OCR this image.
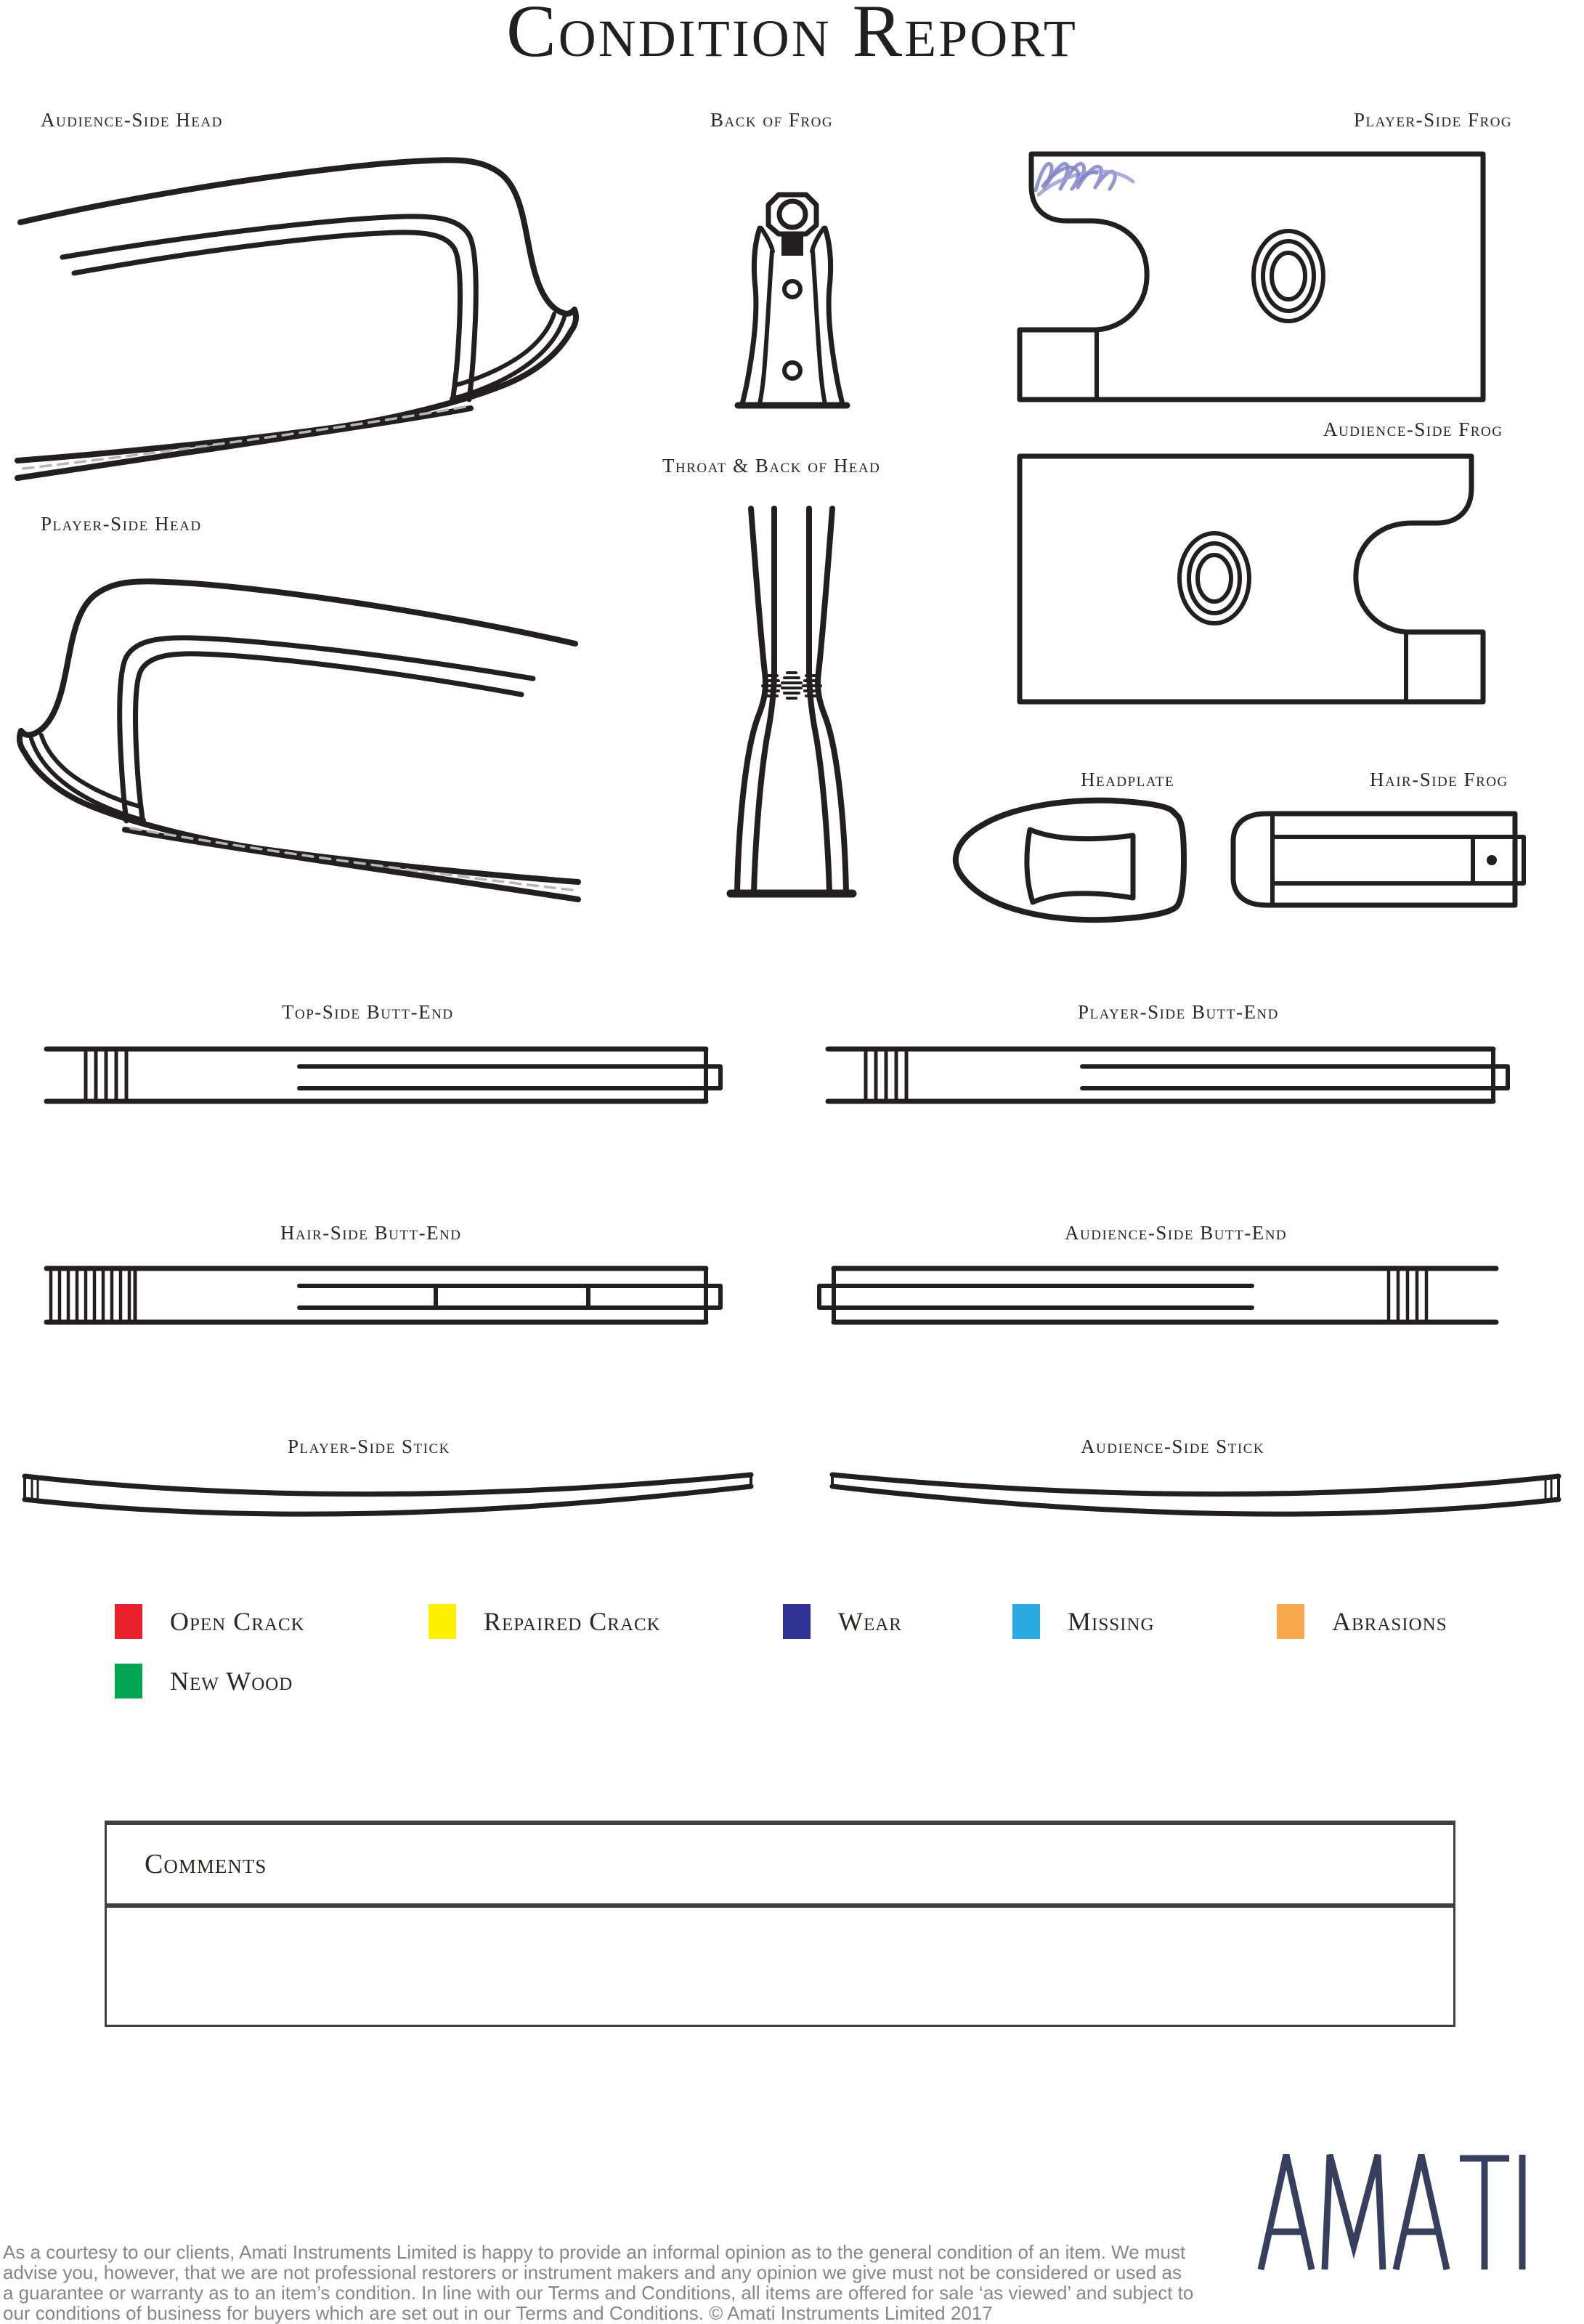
Condition Report
Audience-Side Head	Back of Frog	Player-Side Frog
Audience-Side Frog
Player-Side Head
Throat & Back of Head
Headplate	Hair-Side Frog
Top-Side Butt-End	Player-Side Butt-End
Hair-Side Butt-End	Audience-Side Butt-End
Player-Side Stick	Audience-Side Stick
Open Crack	Repaired Crack	Wear	Missing	Abrasions
New Wood
Comments
As a courtesy to our clients, Amati Instruments Limited is happy to provide an informal opinion as to the general condition of an item. We must
advise you, however, that we are not professional restorers or instrument makers and any opinion we give must not be considered or used as
a guarantee or warranty as to an item’s condition. In line with our Terms and Conditions, all items are offered for sale ‘as viewed’ and subject to
our conditions of business for buyers which are set out in our Terms and Conditions. © Amati Instruments Limited 2017
